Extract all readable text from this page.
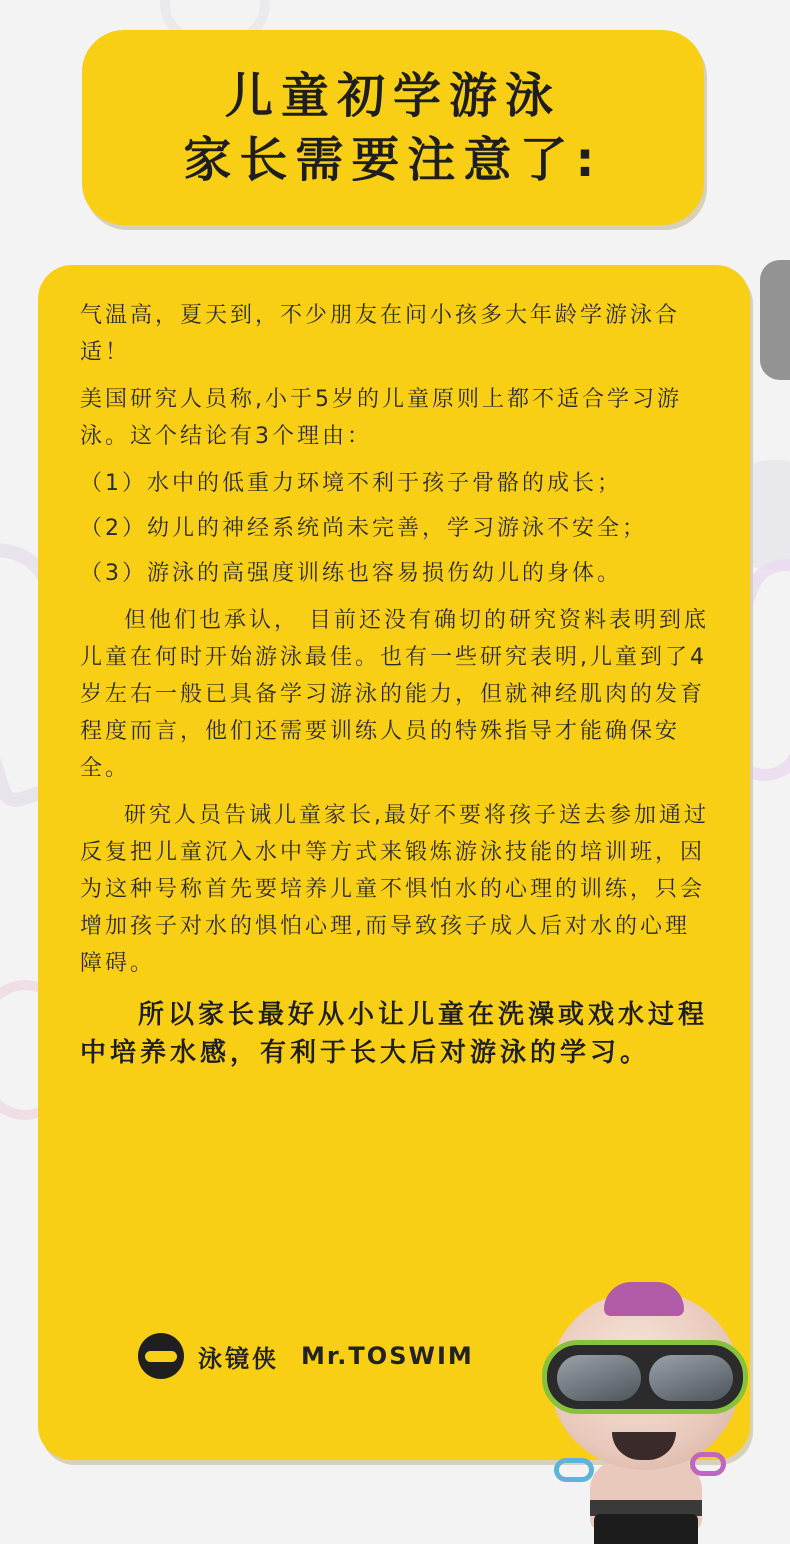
儿童初学游泳
家长需要注意了:

气温高，夏天到，不少朋友在问小孩多大年龄学游泳合适！

美国研究人员称,小于5岁的儿童原则上都不适合学习游泳。这个结论有3个理由：

（1）水中的低重力环境不利于孩子骨骼的成长；

（2）幼儿的神经系统尚未完善，学习游泳不安全；

（3）游泳的高强度训练也容易损伤幼儿的身体。

但他们也承认， 目前还没有确切的研究资料表明到底儿童在何时开始游泳最佳。也有一些研究表明,儿童到了4岁左右一般已具备学习游泳的能力，但就神经肌肉的发育程度而言，他们还需要训练人员的特殊指导才能确保安全。

研究人员告诫儿童家长,最好不要将孩子送去参加通过反复把儿童沉入水中等方式来锻炼游泳技能的培训班，因为这种号称首先要培养儿童不惧怕水的心理的训练，只会增加孩子对水的惧怕心理,而导致孩子成人后对水的心理障碍。

所以家长最好从小让儿童在洗澡或戏水过程中培养水感，有利于长大后对游泳的学习。

泳镜侠 Mr.TOSWIM
